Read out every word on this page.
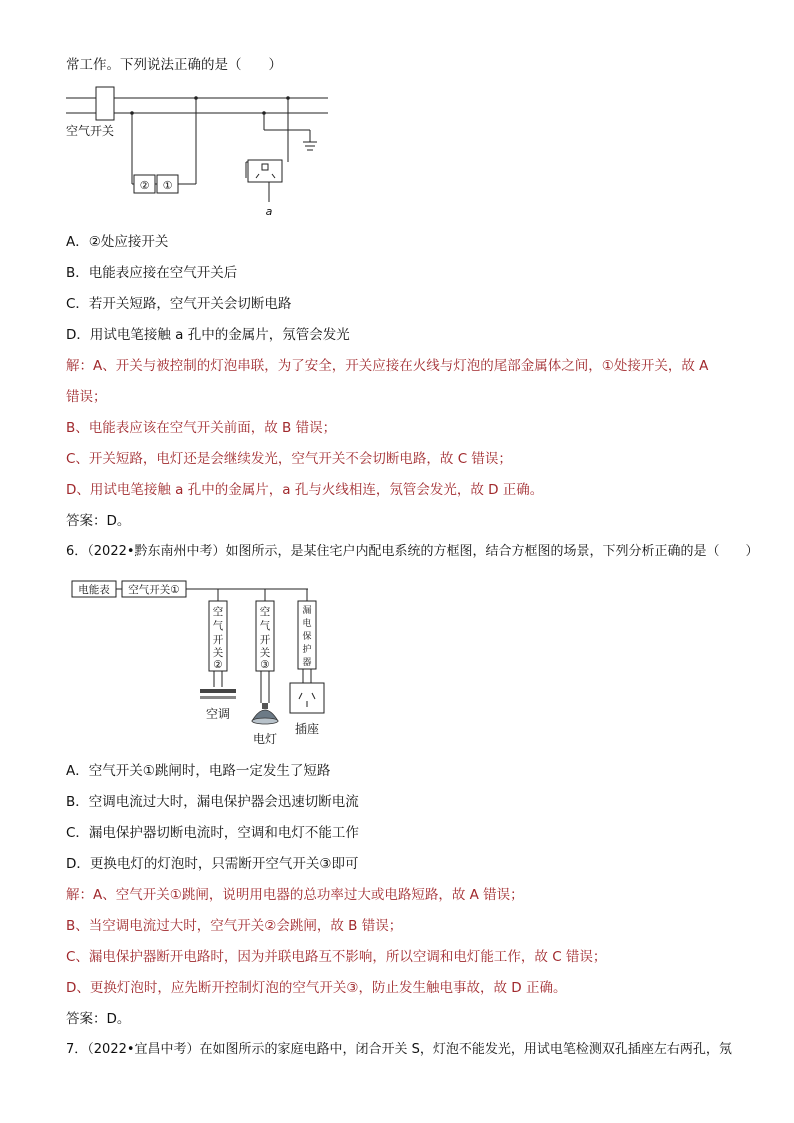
常工作。下列说法正确的是（　　）
空气开关
② ①
a
A．②处应接开关
B．电能表应接在空气开关后
C．若开关短路，空气开关会切断电路
D．用试电笔接触 a 孔中的金属片，氖管会发光
解：A、开关与被控制的灯泡串联，为了安全，开关应接在火线与灯泡的尾部金属体之间，①处接开关，故 A
错误；
B、电能表应该在空气开关前面，故 B 错误；
C、开关短路，电灯还是会继续发光，空气开关不会切断电路，故 C 错误；
D、用试电笔接触 a 孔中的金属片，a 孔与火线相连，氖管会发光，故 D 正确。
答案：D。
6．（2022•黔东南州中考）如图所示，是某住宅户内配电系统的方框图，结合方框图的场景，下列分析正确的是（　　）
电能表 空气开关①
空
气
开
关
②
空
气
开
关
③
漏
电
保
护
器
空调
电灯
插座
A．空气开关①跳闸时，电路一定发生了短路
B．空调电流过大时，漏电保护器会迅速切断电流
C．漏电保护器切断电流时，空调和电灯不能工作
D．更换电灯的灯泡时，只需断开空气开关③即可
解：A、空气开关①跳闸，说明用电器的总功率过大或电路短路，故 A 错误；
B、当空调电流过大时，空气开关②会跳闸，故 B 错误；
C、漏电保护器断开电路时，因为并联电路互不影响，所以空调和电灯能工作，故 C 错误；
D、更换灯泡时，应先断开控制灯泡的空气开关③，防止发生触电事故，故 D 正确。
答案：D。
7．（2022•宜昌中考）在如图所示的家庭电路中，闭合开关 S，灯泡不能发光，用试电笔检测双孔插座左右两孔，氖
